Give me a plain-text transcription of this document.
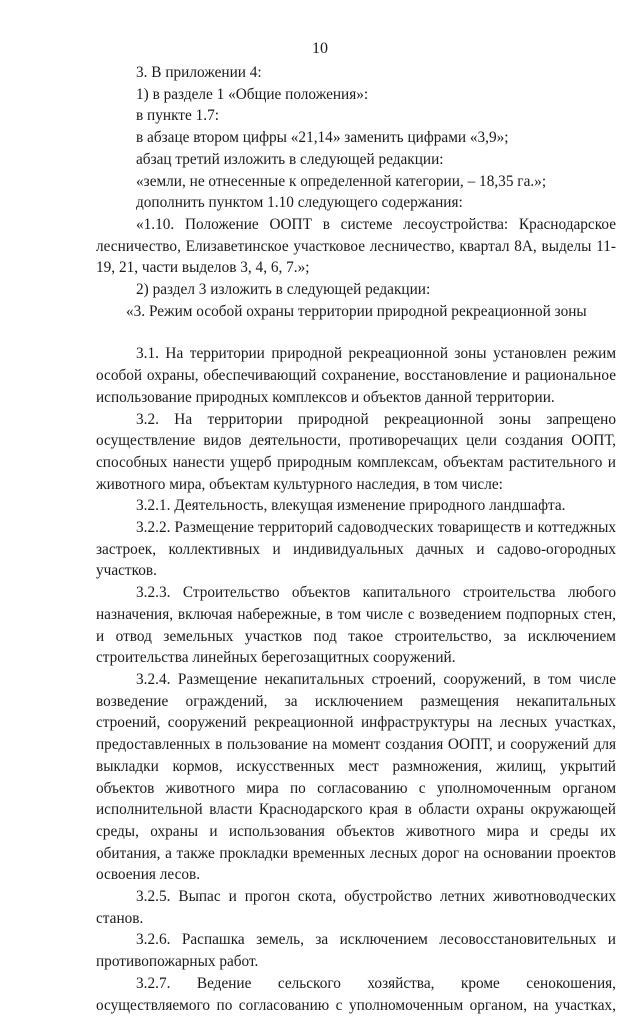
10

3. В приложении 4:

1) в разделе 1 «Общие положения»:

в пункте 1.7:

в абзаце втором цифры «21,14» заменить цифрами «3,9»;

абзац третий изложить в следующей редакции:

«земли, не отнесенные к определенной категории, – 18,35 га.»;

дополнить пунктом 1.10 следующего содержания:

«1.10. Положение ООПТ в системе лесоустройства: Краснодарское лесничество, Елизаветинское участковое лесничество, квартал 8А, выделы 11-19, 21, части выделов 3, 4, 6, 7.»;

2) раздел 3 изложить в следующей редакции:

«3. Режим особой охраны территории природной рекреационной зоны

3.1. На территории природной рекреационной зоны установлен режим особой охраны, обеспечивающий сохранение, восстановление и рациональное использование природных комплексов и объектов данной территории.

3.2. На территории природной рекреационной зоны запрещено осуществление видов деятельности, противоречащих цели создания ООПТ, способных нанести ущерб природным комплексам, объектам растительного и животного мира, объектам культурного наследия, в том числе:

3.2.1. Деятельность, влекущая изменение природного ландшафта.

3.2.2. Размещение территорий садоводческих товариществ и коттеджных застроек, коллективных и индивидуальных дачных и садово-огородных участков.

3.2.3. Строительство объектов капитального строительства любого назначения, включая набережные, в том числе с возведением подпорных стен, и отвод земельных участков под такое строительство, за исключением строительства линейных берегозащитных сооружений.

3.2.4. Размещение некапитальных строений, сооружений, в том числе возведение ограждений, за исключением размещения некапитальных строений, сооружений рекреационной инфраструктуры на лесных участках, предоставленных в пользование на момент создания ООПТ, и сооружений для выкладки кормов, искусственных мест размножения, жилищ, укрытий объектов животного мира по согласованию с уполномоченным органом исполнительной власти Краснодарского края в области охраны окружающей среды, охраны и использования объектов животного мира и среды их обитания, а также прокладки временных лесных дорог на основании проектов освоения лесов.

3.2.5. Выпас и прогон скота, обустройство летних животноводческих станов.

3.2.6. Распашка земель, за исключением лесовосстановительных и противопожарных работ.

3.2.7. Ведение сельского хозяйства, кроме сенокошения, осуществляемого по согласованию с уполномоченным органом, на участках,
